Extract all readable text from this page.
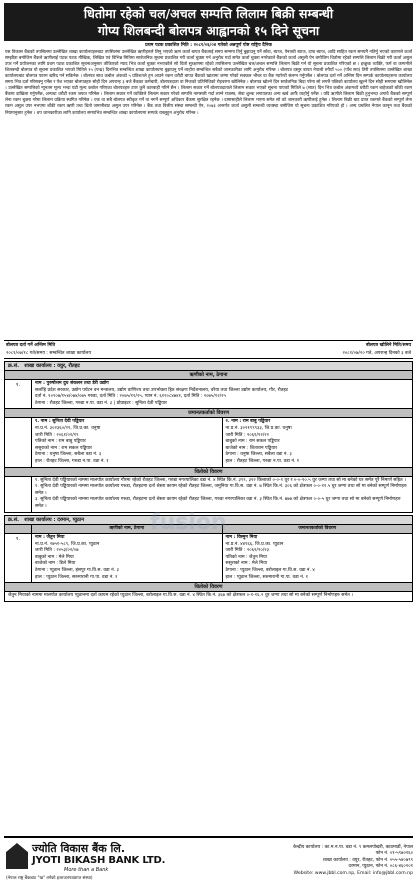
धितोमा रहेको चल/अचल सम्पत्ति लिलाम बिक्री सम्बन्धी
गोप्य शिलबन्दी बोलपत्र आह्वानको १५ दिने सूचना
प्रथम पटक प्रकाशित मिति : २०८१/०६/०४ गतेको अन्नपूर्ण पोष्ट राष्ट्रिय दैनिक
यस विकास बैंकको तपसिलमा उल्लेखित शाखा कार्यालयहरुबाट तपसिलमा उल्लेखित ऋणीहरुले लिनु भएको ऋण कर्जा बापत बैंकलाई समय सम्ममा तिर्नु बुझाउनु पर्ने साँवा, ब्याज, पेनाल्टी ब्याज, दण्ड ब्याज, आदि साहित रकम समयमै नतिर्नु भएको कारणले कर्जा सम्झौता बमोजिम बैंकले ऋणीलाई पटक पटक मौखिक, लिखित एवं विभिन्न मितिमा सार्वजनिक सूचना प्रकाशित गरी कर्जा चुक्ता गर्न अनुरोध गर्दा समेत कर्जा चुक्ता नगरेकाले बैंकको कर्जा असुली ऐन बमोजिम धितोमा रहेको सम्पत्ति लिलाम बिक्री गरी कर्जा असुल उपर गर्ने प्रयोजनका लागि प्रथम पटक प्रकाशित सूचनाअनुसार तोकिएको म्याद भित्र कर्जा चुक्ता नभएकोले सो धितो सुरक्षणमा रहेको तपसिलमा उल्लेखित चल/अचल सम्पत्ति लिलाम बिक्री गर्न यो सूचना प्रकाशित गरिएको छ । इच्छुक व्यक्ति, फर्म वा कम्पनीले शिलबन्दी बोलपत्र यो सूचना प्रकाशित भएको मितिले १५ (पन्ध्र) दिनभित्र सम्बन्धित शाखा कार्यालयमा बुझाउनु पर्ने व्यहोरा सम्बन्धित सबैको जानकारीका लागि अनुरोध गरिन्छ । बोलपत्र दस्तुर बापत नेपाली रुपैयाँ ५०० (पाँच सय) तिरी तपसिलमा उल्लेखित शाखा कार्यालयबाट बोलपत्र फारम खरिद गर्न सकिनेछ । बोलपत्र साथ कबोल अंकको ५ प्रतिशतले हुन आउने रकम धरौटी बापत बैंकको खातामा जम्मा गरेको सक्कल भौचर वा बैंक ग्यारेन्टी संलग्न गर्नुपर्नेछ । बोलपत्र दर्ता गर्ने अन्तिम दिन सम्पर्क कार्यालयहरुमा कार्यालय समय भित्र दर्ता गरिसक्नु पर्नेछ र पेश भएका बोलपत्रहरु सोही दिन अपरान्ह ३ बजे बैंकका कर्मचारी, बोलपत्रदाता वा निजको प्रतिनिधिको रोहवरमा खोलिनेछ । बोलपत्र खोल्ने दिन सार्वजनिक बिदा परेमा सो लगत्तै पछिको कार्यालय खुल्ने दिन सोही समयमा खोलिनेछ । उल्लेखित सम्पत्तिको न्यूनतम मूल्य भन्दा घटी मूल्य कबोल गरिएका बोलपत्रहरु उपर कुनै कारबाही गरिने छैन । लिलाम सकार गर्ने बोलपत्रदाताले लिलाम सकार भएको सूचना पाएको मितिले ७ (सात) दिन भित्र कबोल अंकमध्ये धरौटी रकम बाहेकको बाँकी रकम बैंकमा दाखिला गर्नुपर्नेछ, अन्यथा धरौटी रकम जफत गरिनेछ । लिलाम सकार गर्ने व्यक्तिले लिलाम सकार गरेको सम्पत्ति नामसारी गर्दा लाग्ने राजस्व, सेवा शुल्क लगायतका अन्य खर्च आफैं व्यहोर्नु पर्नेछ । यदि ऋणीले लिलाम बिक्री हुनुभन्दा अगावै बैंकको सम्पूर्ण लेना रकम चुक्ता गरेमा लिलाम प्रक्रिया स्थगित गरिनेछ । एक वा सबै बोलपत्र स्वीकृत गर्ने वा नगर्ने सम्पूर्ण अधिकार बैंकमा सुरक्षित रहनेछ । दामासाहीले लिलाम भएमा समेत सो को जानकारी ऋणीलाई हुनेछ । लिलाम बिक्री बाट प्राप्त रकमले बैंकको सम्पूर्ण लेना रकम असुल उपर नभएमा बाँकी रकम ऋणी तथा धितो जमानीबाट असुल उपर गरिनेछ । बैंक तथा वित्तीय संस्था सम्बन्धी ऐन, २०७३ अन्तर्गत कर्जा असुली सम्बन्धी व्यवस्था बमोजिम यो सूचना प्रकाशित गरिएको हो । अन्य प्रचलित नेपाल कानून तथा बैंकको नियमानुसार हुनेछ । थप जानकारीका लागि कार्यालय समयभित्र सम्बन्धित शाखा कार्यालयमा सम्पर्क राख्नुहुन अनुरोध गरिन्छ ।
बोलपत्र दर्ता गर्ने अन्तिम मिति	बोलपत्र खोलिने मिति/समय
२०८१/०७/१८ गते/समय : सम्बन्धित शाखा कार्यालय	२०८१/०७/२० गते, अपरान्ह दिनको ३ बजे
क्र.सं. शाखा कार्यालय : वयुर, रौतहट
ऋणीको नाम, ठेगाना
१.	नाम : पुरुषोत्तम दुध संकलन तथा डेरी उद्योग
सर्लाहि प्रदेश सरकार, उद्योग पर्यटन वन मन्त्रालय, उद्योग वाणिज्य तथा उपभोक्ता हित संरक्षण निर्देशनालय, वरैया तथा जिल्ला उद्योग कार्यालय, गौर, रौतहट
दर्ता नं. १०९०७/१५४/०७४/०७५ गरुडा, दर्ता मिति : २०७५/१२/२५, प्यान नं. ६१२०८४७४१, दर्ता मिति : २०७५/१२/२५
ठेगाना : रौतहट जिल्ला, गरुडा न.पा. वडा नं. ३ | प्रोप्राइटर : सुनिता देवी पड्डियार
जमानतकर्ताको विवरण
१. नाम : सुनिता देवी पड्डियार
ना.प्र.नं. ३०२३६०/२१, जि.प्र.का. धनुषा
जारी मिति : २०६१/०१/१९
पतिको नाम : राम बाबु पड्डियार
ससुराको नाम : राम सकल पड्डियार
ठेगाना : धनुषा जिल्ला, सबैला वडा नं. ३
हाल : रौतहट जिल्ला, गरुडा न.पा. वडा नं. १
२. नाम : राम बाबु पड्डियार
ना.प्र.नं. ३०२१९९९३३, जि.प्र.का. धनुषा
जारी मिति : २०६१/१२/२२
बाबुको नाम : राम सकल पड्डियार
बाजेको नाम : शितारान पड्डियार
ठेगाना : धनुषा जिल्ला, सबैला वडा नं. ३
हाल : रौतहट जिल्ला, गरुडा न.पा. वडा नं. १
धितोको विवरण
१. सुनिता देवी पड्डियारको नाममा मालपोत कार्यालय गौरमा रहेको रौतहट जिल्ला, गरुडा नगरपालिका वडा नं. ४ स्थित कि.नं. ३९९, ३१२ कित्ताको ०-०-१ धुर र ०-०-१०.५ धुर जग्गा तथा सो मा बनेको घर समेत पूरै निमार्ण सहित ।
२. सुनिता देवी पड्डियारको नाममा मालपोत कार्यालय गरुडा, रौतहटमा दर्ता श्रेस्ता कायम रहेको रौतहट जिल्ला, जमुनिया गा.वि.स. वडा नं. ७ स्थित कि.नं. ३०६ को क्षेत्रफल ०-०-११.५ धुर जग्गा तथा सो मा बनेको सम्पूर्ण निर्माणहरु समेत ।
३. सुनिता देवी पड्डियारको नाममा मालपोत कार्यालय गरुडा, रौतहटमा दर्ता श्रेस्ता कायम रहेको रौतहट जिल्ला, गरुडा नगरपालिका वडा नं. ३ स्थित कि.नं. ७७७ को क्षेत्रफल ०-०-५ धुर जग्गा तथा सो मा बनेको सम्पूर्ण निर्माणहरु समेत ।
क्र.सं. शाखा कार्यालय : दरमान, प्युठान
ऋणीको नाम, ठेगाना	जमानतकर्ताको विवरण
१.	नाम : जैतुन मिया
ना.प्र.नं. २७५१-५८९, जि.प्र.का. प्युठान
जारी मिति : २०५३/०२/०७
बाबुको नाम : मेले मिया
बाजेको नाम : डिले मिया
ठेगाना : प्युठान जिल्ला, हंसपुर गा.वि.स. वडा नं. ३
हाल : प्युठान जिल्ला, सरुमारानी गा.पा. वडा नं. १
नाम : विस्मुन मिया
ना.प्र.नं. ४४९६६, जि.प्र.का. प्युठान
जारी मिति : २०६२/१०/२३
पतिको नाम : जैतुन मिया
ससुराको नाम : मेले मिया
ठेगाना : प्युठान जिल्ला, बरोलाइल गा.वि.स. वडा नं. ४
हाल : प्युठान जिल्ला, सरुमारानी गा.पा. वडा नं. १
धितोको विवरण
जैतुन मियाको नाममा मालपोत कार्यालय प्युठानमा दर्ता कायम रहेको प्युठान जिल्ला, बरोलाइल गा.वि.स. वडा नं. ४ स्थित कि.नं. ३६७ को क्षेत्रफल ०-१-१६.२ धुर जग्गा तथा सो मा बनेको सम्पूर्ण निर्माणहरु समेत ।
fusion
ज्योति विकास बैंक लि.
JYOTI BIKASH BANK LTD.
More than a Bank
(नेपाल राष्ट्र बैंकबाट "ख" वर्गको इजाजतपत्रप्राप्त संस्था)
केन्द्रीय कार्यालय : का.म.न.पा. वडा नं. ९ कमलपोखरी, काठमाडौं, नेपाल
फोन नं. ०१-५९७०१६०
शाखा कार्यालय : वयुर, रौतहट, फोन नं. ०५५-५४०७९९
दरमान, प्युठान, फोन नं. ०८६-४६०१०१
Website: www.jbbl.com.np, Email: info@jbbl.com.np
